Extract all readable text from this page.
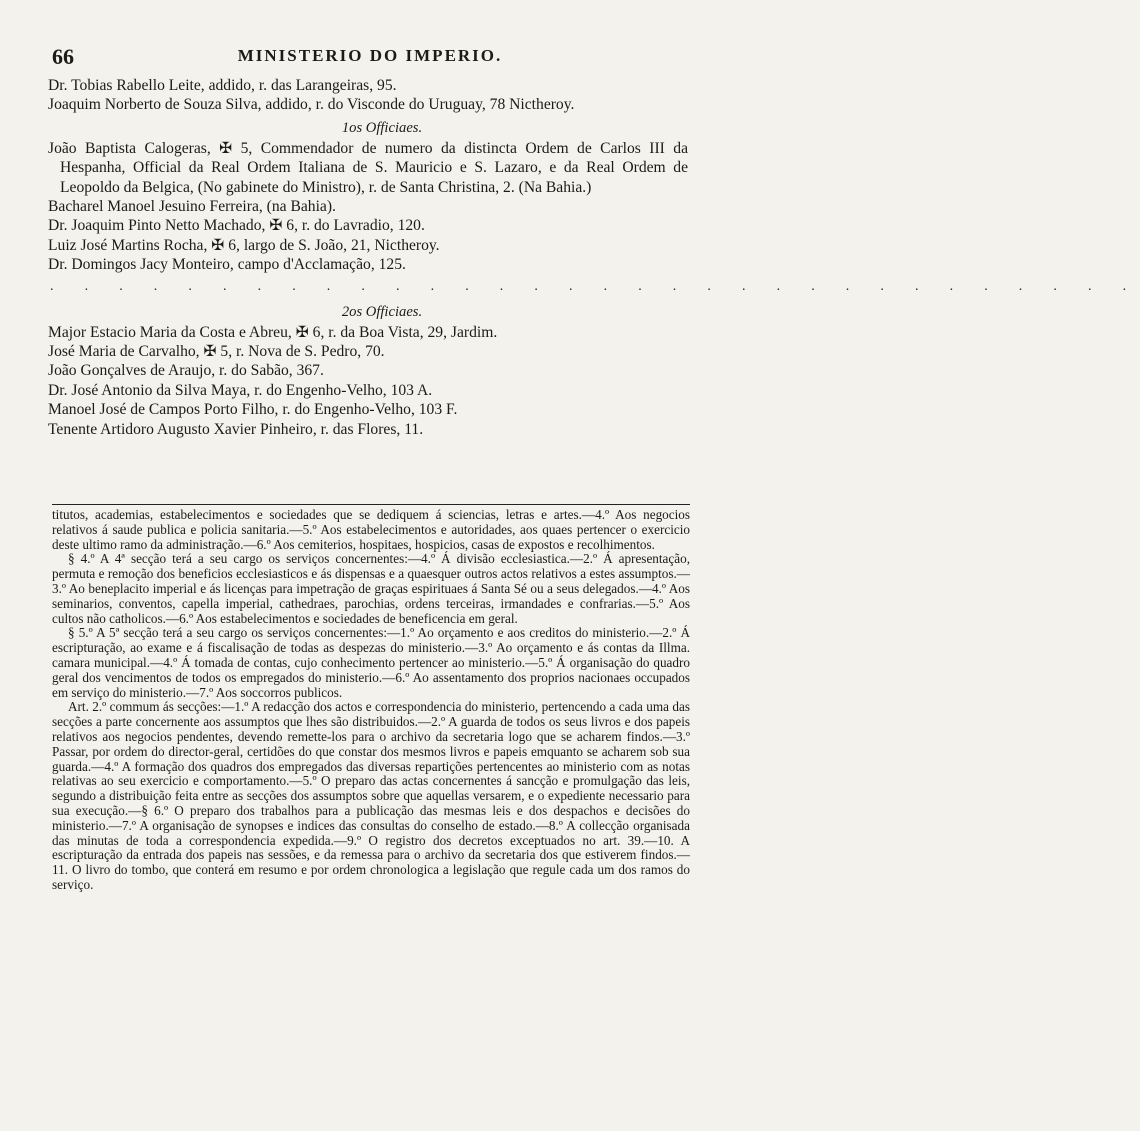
66	MINISTERIO DO IMPERIO.

Dr. Tobias Rabello Leite, addido, r. das Larangeiras, 95.

Joaquim Norberto de Souza Silva, addido, r. do Visconde do Uruguay, 78 Nictheroy.

1os Officiaes.

João Baptista Calogeras, ✠ 5, Commendador de numero da distincta Ordem de Carlos III da Hespanha, Official da Real Ordem Italiana de S. Mauricio e S. Lazaro, e da Real Ordem de Leopoldo da Belgica, (No gabinete do Ministro), r. de Santa Christina, 2. (Na Bahia.)

Bacharel Manoel Jesuino Ferreira, (na Bahia).

Dr. Joaquim Pinto Netto Machado, ✠ 6, r. do Lavradio, 120.

Luiz José Martins Rocha, ✠ 6, largo de S. João, 21, Nictheroy.

Dr. Domingos Jacy Monteiro, campo d'Acclamação, 125.

. . . . . . . . . . . . . . . . . . . . . . . . . . . . . . . .

2os Officiaes.

Major Estacio Maria da Costa e Abreu, ✠ 6, r. da Boa Vista, 29, Jardim.

José Maria de Carvalho, ✠ 5, r. Nova de S. Pedro, 70.

João Gonçalves de Araujo, r. do Sabão, 367.

Dr. José Antonio da Silva Maya, r. do Engenho-Velho, 103 A.

Manoel José de Campos Porto Filho, r. do Engenho-Velho, 103 F.

Tenente Artidoro Augusto Xavier Pinheiro, r. das Flores, 11.

titutos, academias, estabelecimentos e sociedades que se dediquem á sciencias, letras e artes.—4.º Aos negocios relativos á saude publica e policia sanitaria.—5.º Aos estabelecimentos e autoridades, aos quaes pertencer o exercicio deste ultimo ramo da administração.—6.º Aos cemiterios, hospitaes, hospicios, casas de expostos e recolhimentos.

§ 4.º A 4ª secção terá a seu cargo os serviços concernentes:—4.º Á divisão ecclesiastica.—2.º Á apresentação, permuta e remoção dos beneficios ecclesiasticos e ás dispensas e a quaesquer outros actos relativos a estes assumptos.—3.º Ao beneplacito imperial e ás licenças para impetração de graças espirituaes á Santa Sé ou a seus delegados.—4.º Aos seminarios, conventos, capella imperial, cathedraes, parochias, ordens terceiras, irmandades e confrarias.—5.º Aos cultos não catholicos.—6.º Aos estabelecimentos e sociedades de beneficencia em geral.

§ 5.º A 5ª secção terá a seu cargo os serviços concernentes:—1.º Ao orçamento e aos creditos do ministerio.—2.º Á escripturação, ao exame e á fiscalisação de todas as despezas do ministerio.—3.º Ao orçamento e ás contas da Illma. camara municipal.—4.º Á tomada de contas, cujo conhecimento pertencer ao ministerio.—5.º Á organisação do quadro geral dos vencimentos de todos os empregados do ministerio.—6.º Ao assentamento dos proprios nacionaes occupados em serviço do ministerio.—7.º Aos soccorros publicos.

Art. 2.º commum ás secções:—1.º A redacção dos actos e correspondencia do ministerio, pertencendo a cada uma das secções a parte concernente aos assumptos que lhes são distribuidos.—2.º A guarda de todos os seus livros e dos papeis relativos aos negocios pendentes, devendo remette-los para o archivo da secretaria logo que se acharem findos.—3.º Passar, por ordem do director-geral, certidões do que constar dos mesmos livros e papeis emquanto se acharem sob sua guarda.—4.º A formação dos quadros dos empregados das diversas repartições pertencentes ao ministerio com as notas relativas ao seu exercicio e comportamento.—5.º O preparo das actas concernentes á sancção e promulgação das leis, segundo a distribuição feita entre as secções dos assumptos sobre que aquellas versarem, e o expediente necessario para sua execução.—§ 6.º O preparo dos trabalhos para a publicação das mesmas leis e dos despachos e decisões do ministerio.—7.º A organisação de synopses e indices das consultas do conselho de estado.—8.º A collecção organisada das minutas de toda a correspondencia expedida.—9.º O registro dos decretos exceptuados no art. 39.—10. A escripturação da entrada dos papeis nas sessões, e da remessa para o archivo da secretaria dos que estiverem findos.—11. O livro do tombo, que conterá em resumo e por ordem chronologica a legislação que regule cada um dos ramos do serviço.
